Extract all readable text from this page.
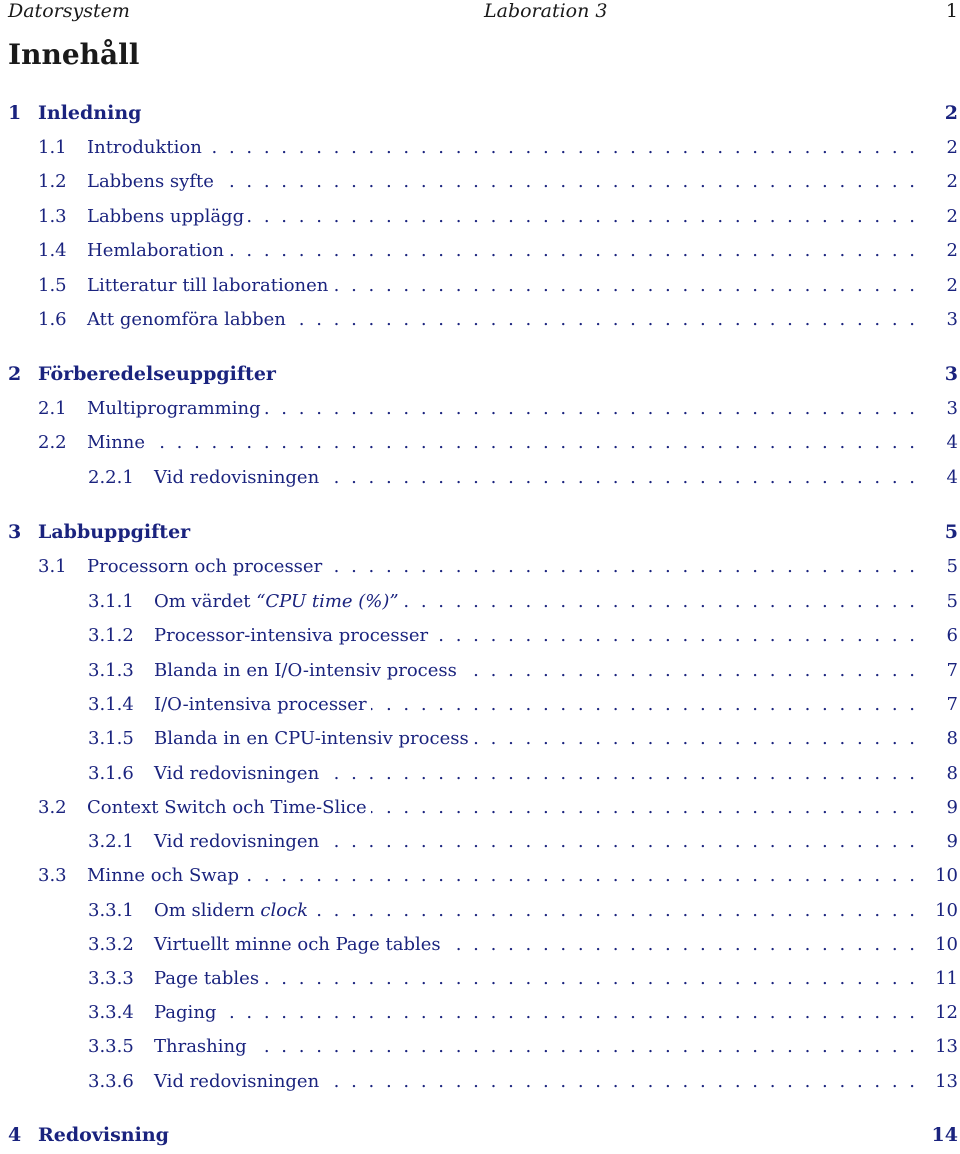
Datorsystem	Laboration 3	1
Innehåll
1 Inledning	2
1.1	Introduktion . . .	2
1.2	Labbens syfte . . .	2
1.3	Labbens upplägg . . .	2
1.4	Hemlaboration . . .	2
1.5	Litteratur till laborationen . . .	2
1.6	Att genomföra labben . . .	3
2 Förberedelseuppgifter	3
2.1	Multiprogramming . . .	3
2.2	Minne . . .	4
2.2.1	Vid redovisningen . . .	4
3 Labbuppgifter	5
3.1	Processorn och processer . . .	5
3.1.1	Om värdet “CPU time (%)” . . .	5
3.1.2	Processor-intensiva processer . . .	6
3.1.3	Blanda in en I/O-intensiv process . . .	7
3.1.4	I/O-intensiva processer . . .	7
3.1.5	Blanda in en CPU-intensiv process . . .	8
3.1.6	Vid redovisningen . . .	8
3.2	Context Switch och Time-Slice . . .	9
3.2.1	Vid redovisningen . . .	9
3.3	Minne och Swap . . .	10
3.3.1	Om slidern clock . . .	10
3.3.2	Virtuellt minne och Page tables . . .	10
3.3.3	Page tables . . .	11
3.3.4	Paging . . .	12
3.3.5	Thrashing . . .	13
3.3.6	Vid redovisningen . . .	13
4 Redovisning	14
